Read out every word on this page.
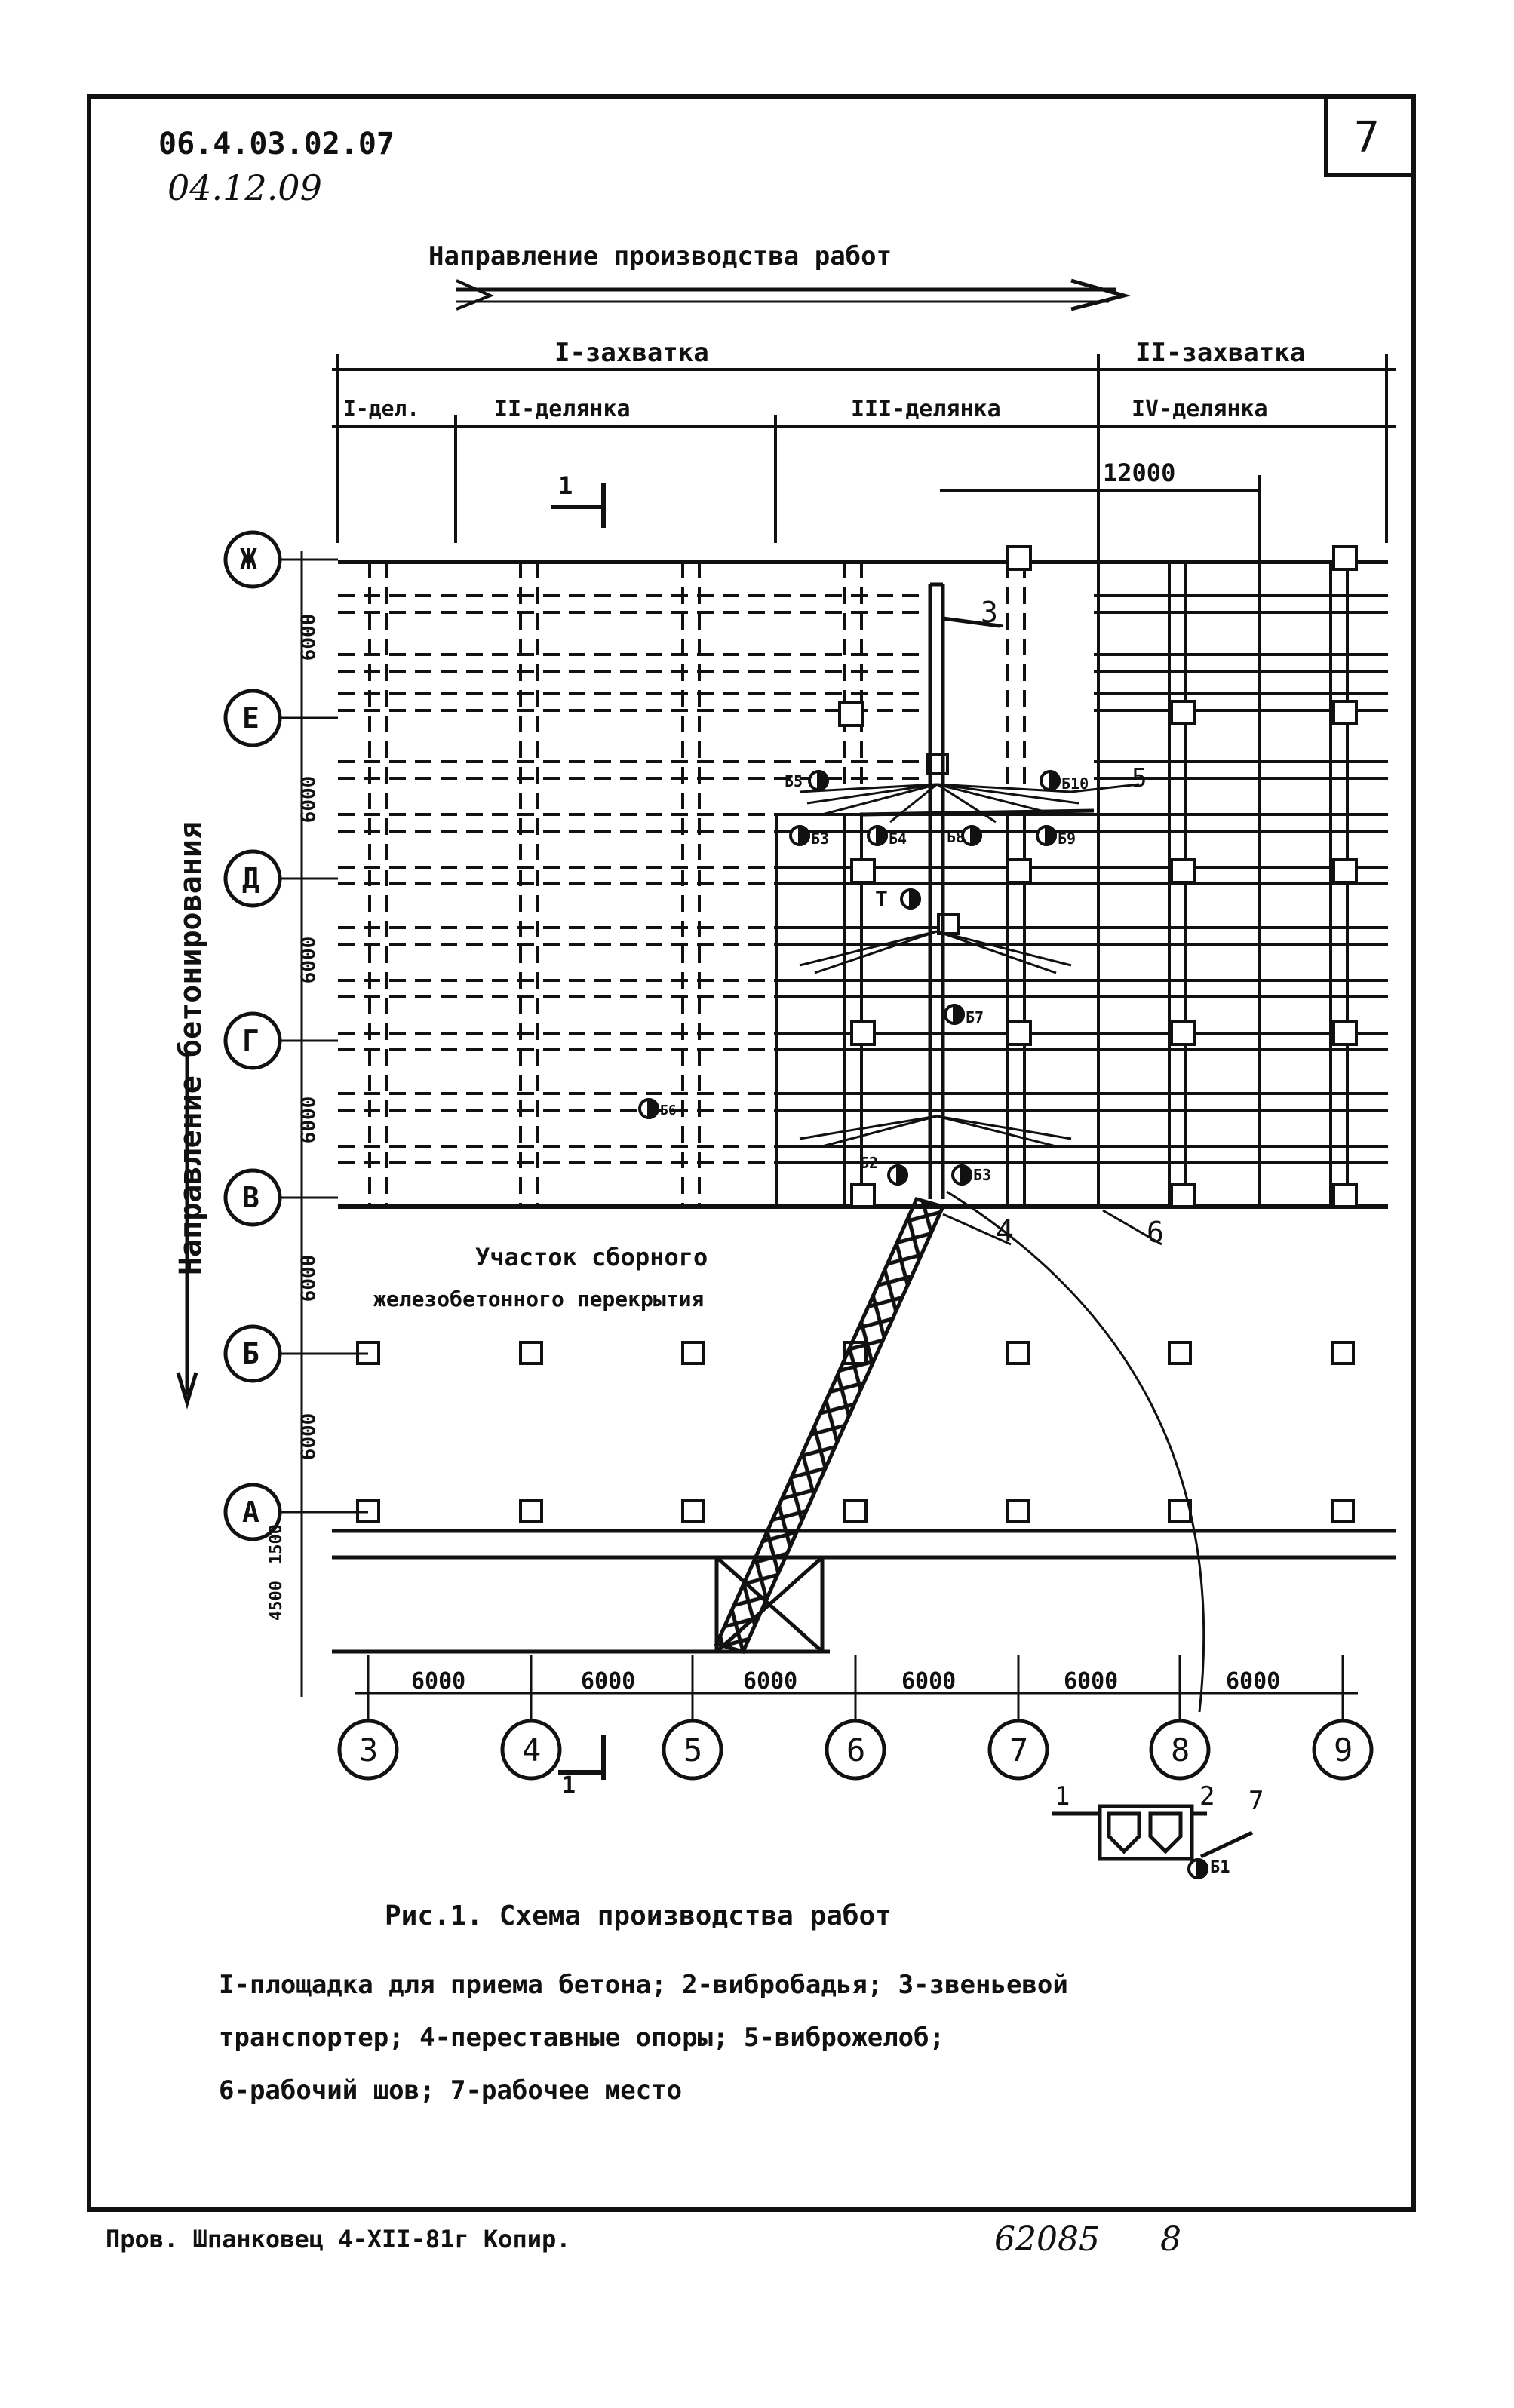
06.4.03.02.07
04.12.09
7
Направление производства работ
I-захватка	II-захватка
I-дел.	II-делянка	III-делянка	IV-делянка
12000
1
Направление бетонирования
Ж
Е
Д
Г
В
Б
А
6000
6000
6000
6000
6000
6000
1500
4500
Участок сборного
железобетонного перекрытия
6000	6000	6000	6000	6000	6000
3	4	5	6	7	8	9
1	1	2
3
4
5
6
7
Б1
Б2
Б3
Б3
Б4
Б6
Б7
Б8	Б9
Б10
Б5
Т
Рис.1. Схема производства работ
I-площадка для приема бетона; 2-вибробадья; 3-звеньевой
транспортер; 4-переставные опоры; 5-виброжелоб;
6-рабочий шов; 7-рабочее место
Пров. Шпанковец 4-XII-81г Копир.	62085 8
